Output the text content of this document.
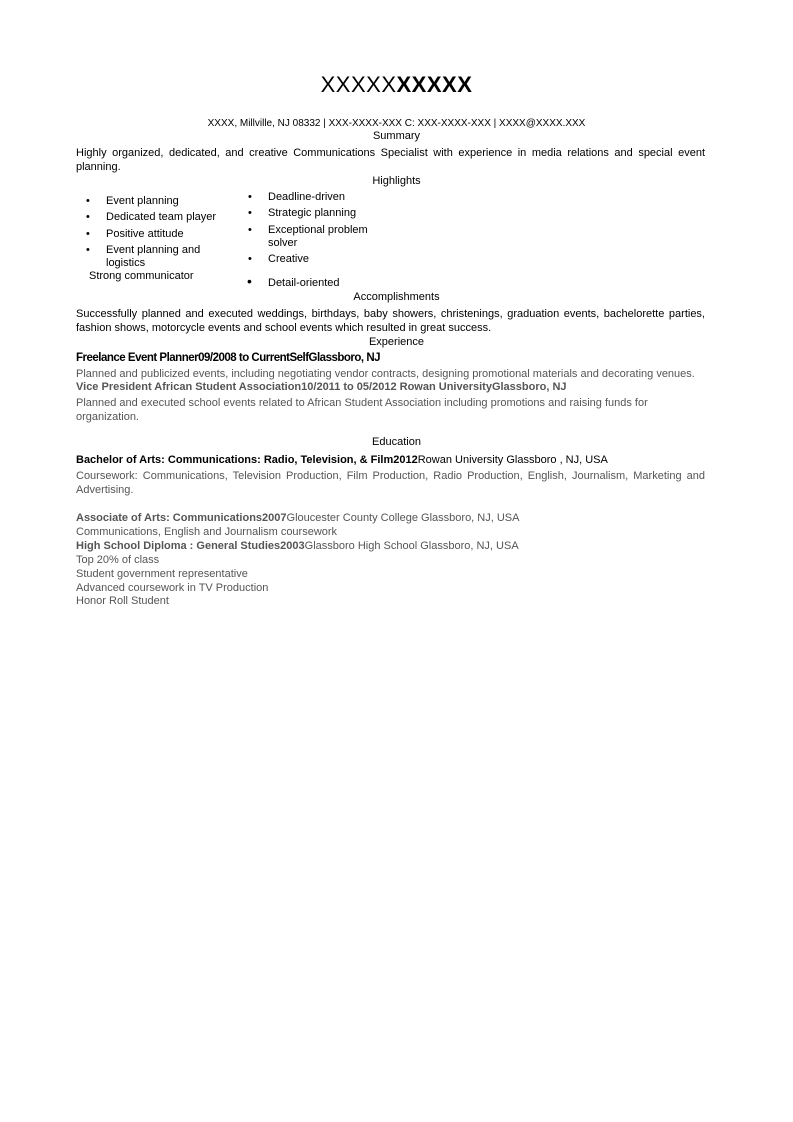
XXXXXXXXXX
XXXX, Millville, NJ 08332 | XXX-XXXX-XXX C: XXX-XXXX-XXX | XXXX@XXXX.XXX
Summary
Highly organized, dedicated, and creative Communications Specialist with experience in media relations and special event planning.
Highlights
• Event planning
• Dedicated team player
• Positive attitude
• Event planning and logistics
Strong communicator
• Deadline-driven
• Strategic planning
• Exceptional problem solver
• Creative
• Detail-oriented
Accomplishments
Successfully planned and executed weddings, birthdays, baby showers, christenings, graduation events, bachelorette parties, fashion shows, motorcycle events and school events which resulted in great success.
Experience
Freelance Event Planner09/2008 to CurrentSelfGlassboro, NJ
Planned and publicized events, including negotiating vendor contracts, designing promotional materials and decorating venues.
Vice President African Student Association10/2011 to 05/2012 Rowan UniversityGlassboro, NJ
Planned and executed school events related to African Student Association including promotions and raising funds for organization.
Education
Bachelor of Arts: Communications: Radio, Television, & Film2012Rowan University Glassboro , NJ, USA
Coursework: Communications, Television Production, Film Production, Radio Production, English, Journalism, Marketing and Advertising.
Associate of Arts: Communications2007Gloucester County College Glassboro, NJ, USA
Communications, English and Journalism coursework
High School Diploma : General Studies2003Glassboro High School Glassboro, NJ, USA
Top 20% of class
Student government representative
Advanced coursework in TV Production
Honor Roll Student
